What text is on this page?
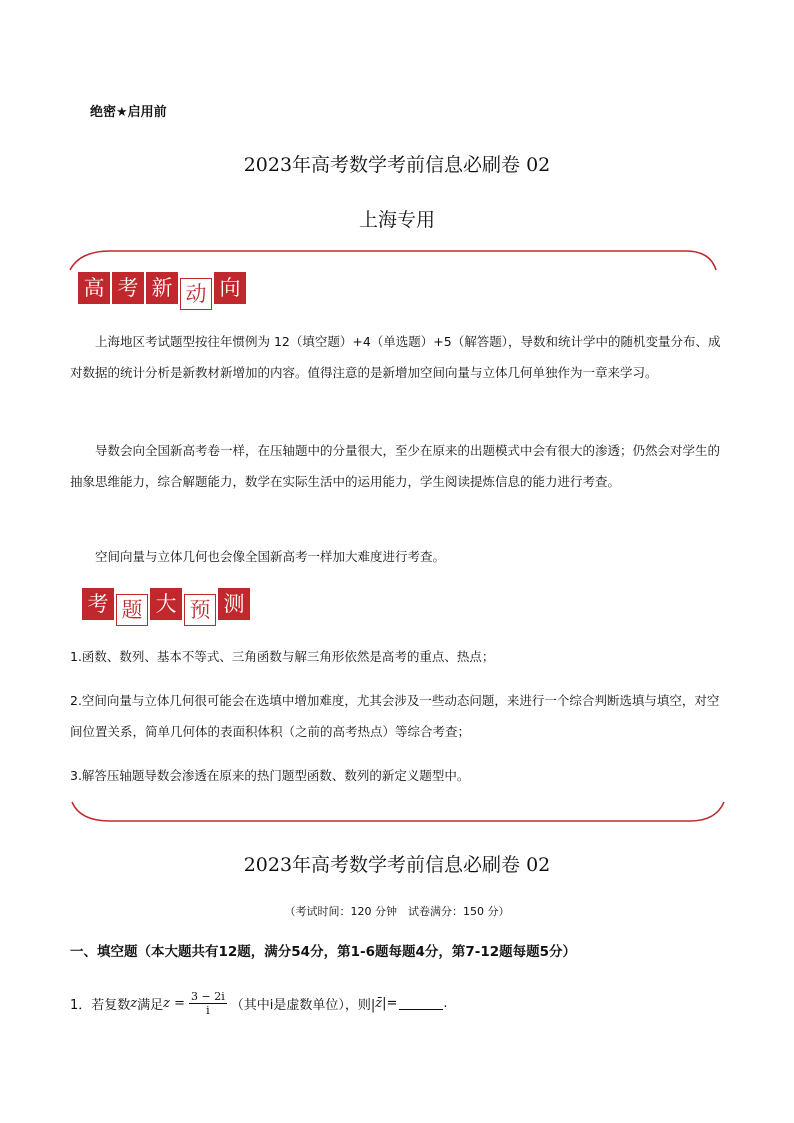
绝密★启用前
2023年高考数学考前信息必刷卷 02
上海专用
高 考 新 动 向

上海地区考试题型按往年惯例为 12（填空题）+4（单选题）+5（解答题），导数和统计学中的随机变量分布、成对数据的统计分析是新教材新增加的内容。值得注意的是新增加空间向量与立体几何单独作为一章来学习。

导数会向全国新高考卷一样，在压轴题中的分量很大，至少在原来的出题模式中会有很大的渗透；仍然会对学生的抽象思维能力，综合解题能力，数学在实际生活中的运用能力，学生阅读提炼信息的能力进行考查。

空间向量与立体几何也会像全国新高考一样加大难度进行考查。

考 题 大 预 测

1.函数、数列、基本不等式、三角函数与解三角形依然是高考的重点、热点；

2.空间向量与立体几何很可能会在选填中增加难度，尤其会涉及一些动态问题，来进行一个综合判断选填与填空，对空间位置关系，简单几何体的表面积体积（之前的高考热点）等综合考查；

3.解答压轴题导数会渗透在原来的热门题型函数、数列的新定义题型中。

2023年高考数学考前信息必刷卷 02
（考试时间：120 分钟　试卷满分：150 分）
一、填空题（本大题共有12题，满分54分，第1-6题每题4分，第7-12题每题5分）
1．若复数 z 满足 $z = \frac{3 - 2i}{i}$ （其中i是虚数单位），则| z̄ |=	.
